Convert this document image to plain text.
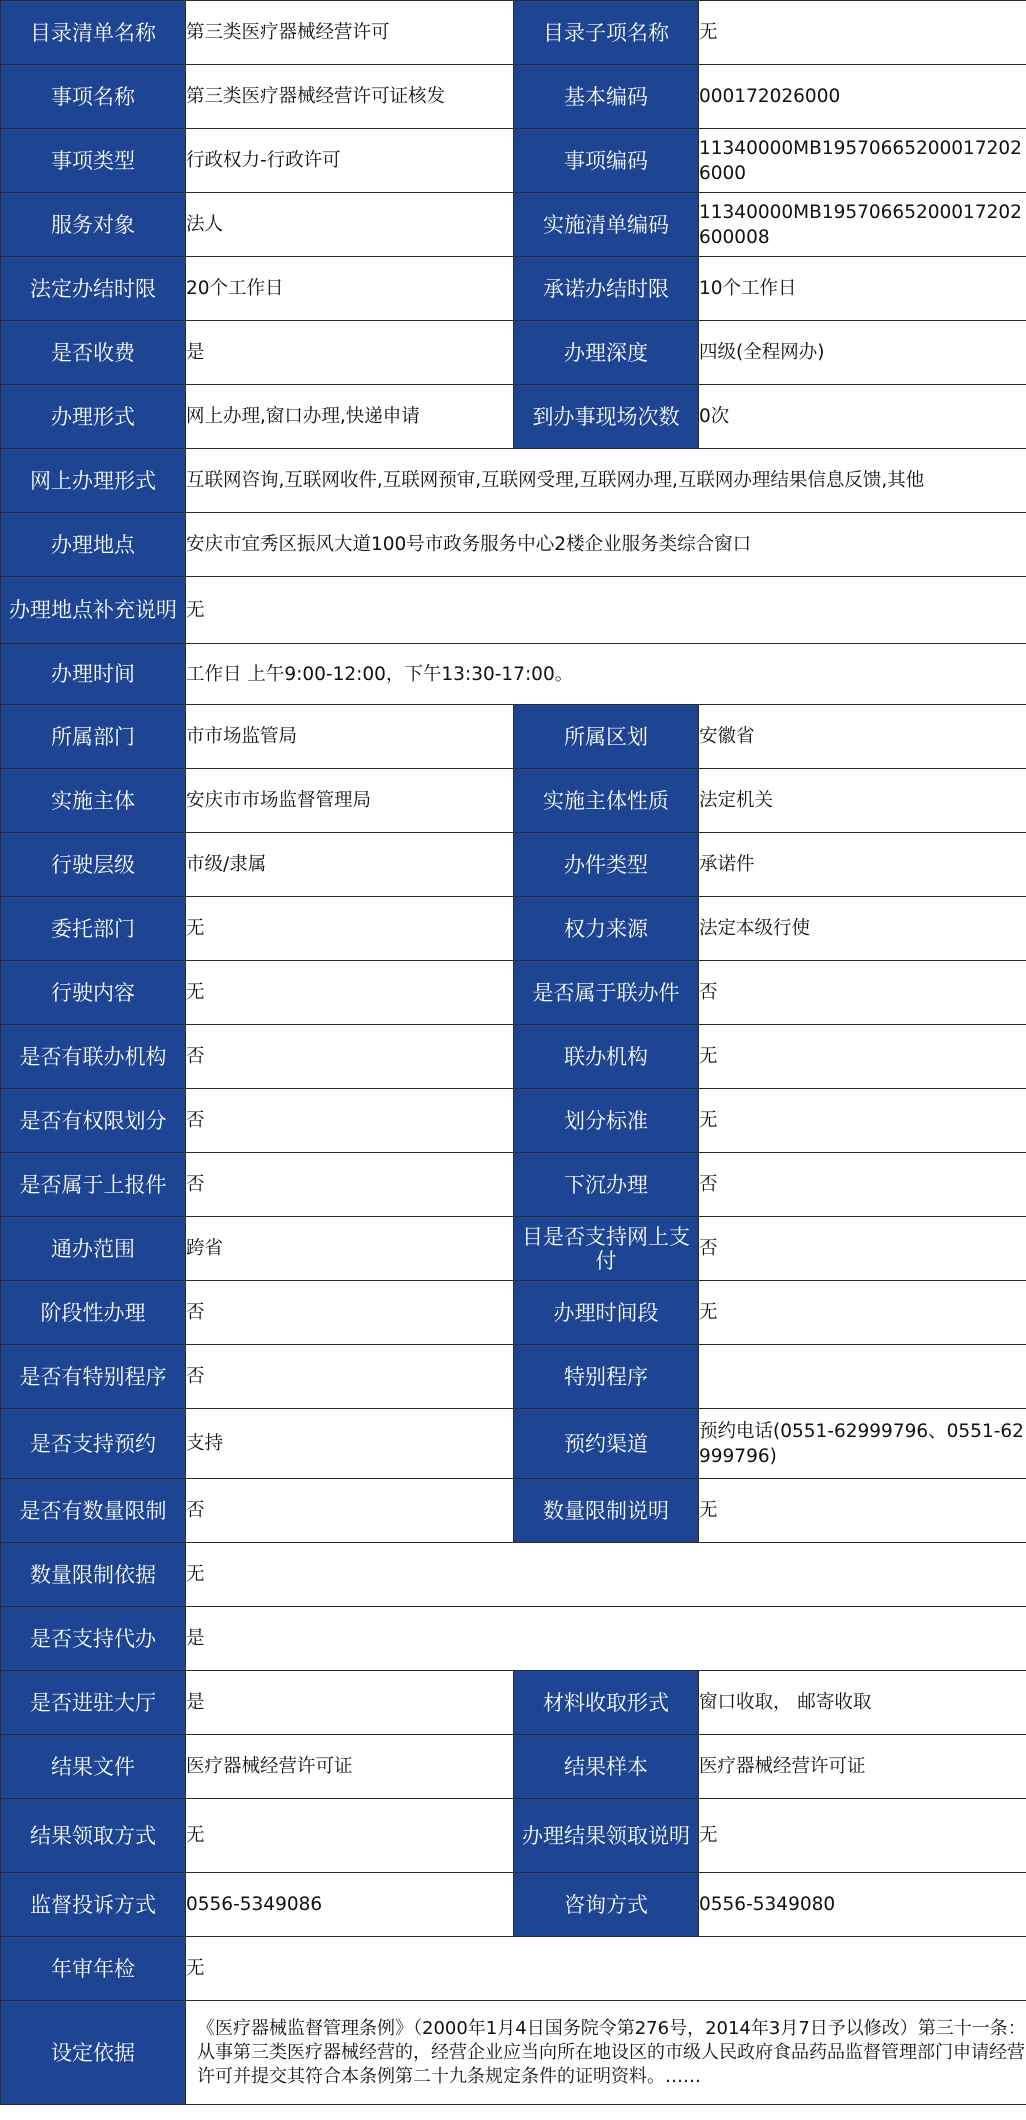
目录清单名称	第三类医疗器械经营许可	目录子项名称	无
事项名称	第三类医疗器械经营许可证核发	基本编码	000172026000
事项类型	行政权力-行政许可	事项编码	11340000MB195706652000172026000
服务对象	法人	实施清单编码	11340000MB19570665200017202600008
法定办结时限	20个工作日	承诺办结时限	10个工作日
是否收费	是	办理深度	四级(全程网办)
办理形式	网上办理,窗口办理,快递申请	到办事现场次数	0次
网上办理形式	互联网咨询,互联网收件,互联网预审,互联网受理,互联网办理,互联网办理结果信息反馈,其他		
办理地点	安庆市宜秀区振风大道100号市政务服务中心2楼企业服务类综合窗口		
办理地点补充说明	无		
办理时间	工作日 上午9:00-12:00，下午13:30-17:00。		
所属部门	市市场监管局	所属区划	安徽省
实施主体	安庆市市场监督管理局	实施主体性质	法定机关
行驶层级	市级/隶属	办件类型	承诺件
委托部门	无	权力来源	法定本级行使
行驶内容	无	是否属于联办件	否
是否有联办机构	否	联办机构	无
是否有权限划分	否	划分标准	无
是否属于上报件	否	下沉办理	否
通办范围	跨省	目是否支持网上支付	否
阶段性办理	否	办理时间段	无
是否有特别程序	否	特别程序	
是否支持预约	支持	预约渠道	预约电话(0551-62999796、0551-62999796)
是否有数量限制	否	数量限制说明	无
数量限制依据	无		
是否支持代办	是		
是否进驻大厅	是	材料收取形式	窗口收取， 邮寄收取
结果文件	医疗器械经营许可证	结果样本	医疗器械经营许可证
结果领取方式	无	办理结果领取说明	无
监督投诉方式	0556-5349086	咨询方式	0556-5349080
年审年检	无		
设定依据	《医疗器械监督管理条例》（2000年1月4日国务院令第276号，2014年3月7日予以修改）第三十一条：从事第三类医疗器械经营的，经营企业应当向所在地设区的市级人民政府食品药品监督管理部门申请经营许可并提交其符合本条例第二十九条规定条件的证明资料。……		
